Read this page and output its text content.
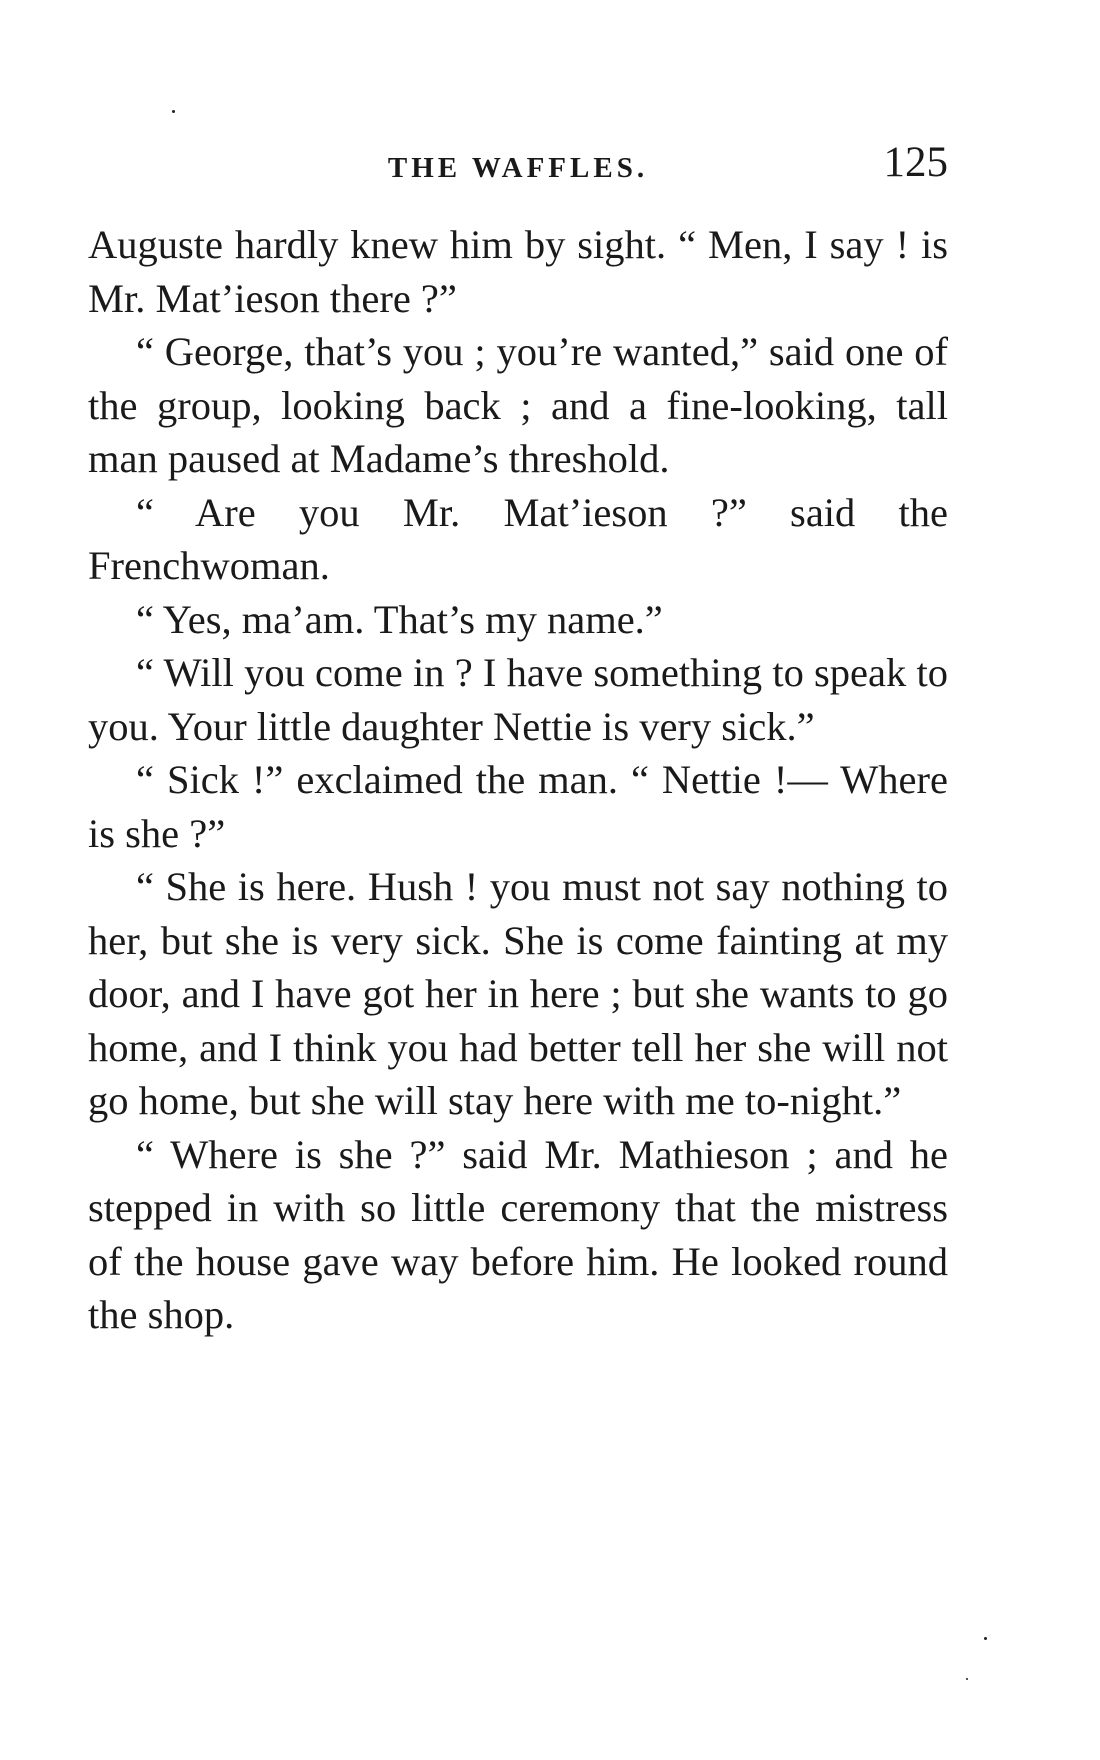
THE WAFFLES.	125

Auguste hardly knew him by sight. “ Men, I say ! is Mr. Mat’ieson there ?”

“ George, that’s you ; you’re wanted,” said one of the group, looking back ; and a fine-looking, tall man paused at Madame’s threshold.

“ Are you Mr. Mat’ieson ?” said the Frenchwoman.

“ Yes, ma’am. That’s my name.”

“ Will you come in ? I have something to speak to you. Your little daughter Nettie is very sick.”

“ Sick !” exclaimed the man. “ Nettie !— Where is she ?”

“ She is here. Hush ! you must not say nothing to her, but she is very sick. She is come fainting at my door, and I have got her in here ; but she wants to go home, and I think you had better tell her she will not go home, but she will stay here with me to-night.”

“ Where is she ?” said Mr. Mathieson ; and he stepped in with so little ceremony that the mistress of the house gave way before him. He looked round the shop.
